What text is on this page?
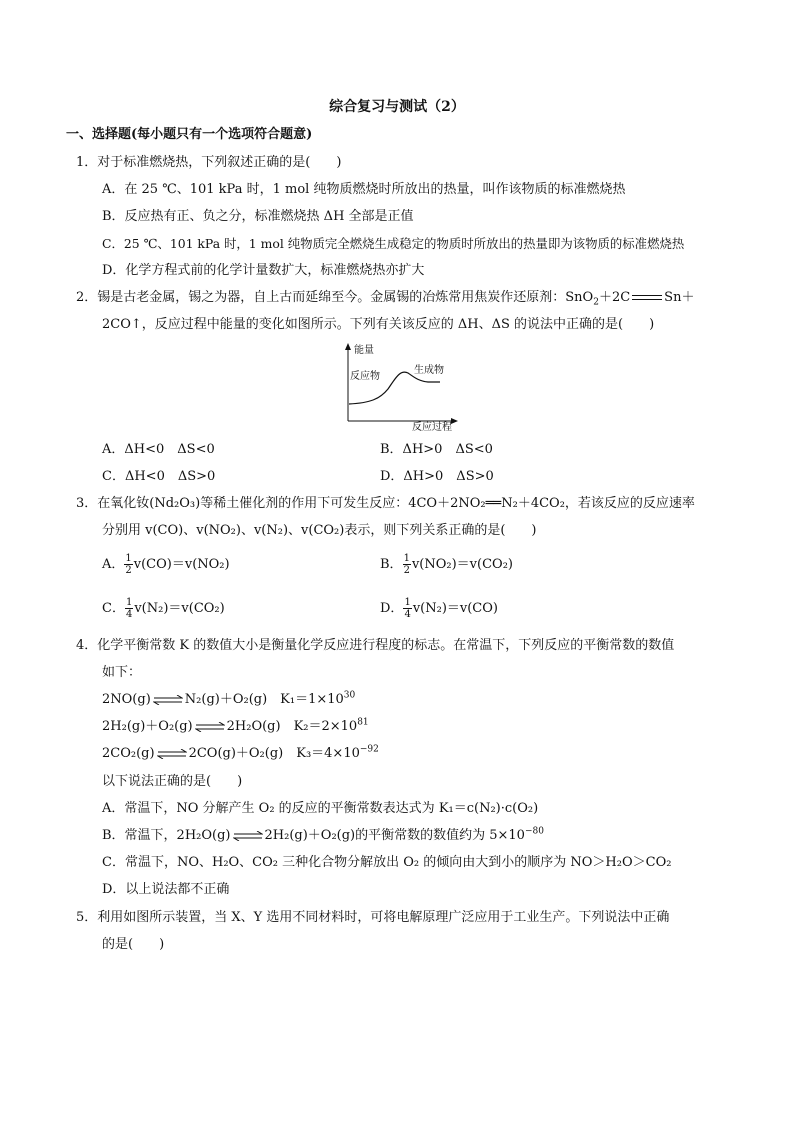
综合复习与测试（2）
一、选择题(每小题只有一个选项符合题意)
1．对于标准燃烧热，下列叙述正确的是(　　)
A．在 25 ℃、101 kPa 时，1 mol 纯物质燃烧时所放出的热量，叫作该物质的标准燃烧热
B．反应热有正、负之分，标准燃烧热 ΔH 全部是正值
C．25 ℃、101 kPa 时，1 mol 纯物质完全燃烧生成稳定的物质时所放出的热量即为该物质的标准燃烧热
D．化学方程式前的化学计量数扩大，标准燃烧热亦扩大
2．锡是古老金属，锡之为器，自上古而延绵至今。金属锡的冶炼常用焦炭作还原剂：SnO$_2$＋2C	Sn＋
2CO↑，反应过程中能量的变化如图所示。下列有关该反应的 ΔH、ΔS 的说法中正确的是(　　)
能量
反应过程
反应物
生成物
A．ΔH<0　ΔS<0	B．ΔH>0　ΔS<0
C．ΔH<0　ΔS>0	D．ΔH>0　ΔS>0
3．在氧化钕(Nd₂O₃)等稀土催化剂的作用下可发生反应：4CO＋2NO₂══N₂＋4CO₂，若该反应的反应速率
分别用 v(CO)、v(NO₂)、v(N₂)、v(CO₂)表示，则下列关系正确的是(　　)
A． $\frac{1}{2} v(CO)=v(NO_2)$	B． $\frac{1}{2} v(NO_2)=v(CO_2)$
C． $\frac{1}{4} v(N_2)=v(CO_2)$	D． $\frac{1}{4} v(N_2)=v(CO)$
4．化学平衡常数 K 的数值大小是衡量化学反应进行程度的标志。在常温下，下列反应的平衡常数的数值
如下：
2NO(g) ⇌ N₂(g)＋O₂(g)　$K_1=1\times 10^{30}$
2H₂(g)＋O₂(g) ⇌ 2H₂O(g)　$K_2=2\times 10^{81}$
2CO₂(g) ⇌ 2CO(g)＋O₂(g)　$K_3=4\times 10^{-92}$
以下说法正确的是(　　)
A．常温下，NO 分解产生 O₂ 的反应的平衡常数表达式为 K₁＝c(N₂)·c(O₂)
B．常温下，2H₂O(g) ⇌ 2H₂(g)＋O₂(g)的平衡常数的数值约为 $5\times 10^{-80}$
C．常温下，NO、H₂O、CO₂ 三种化合物分解放出 O₂ 的倾向由大到小的顺序为 NO＞H₂O＞CO₂
D．以上说法都不正确
5．利用如图所示装置，当 X、Y 选用不同材料时，可将电解原理广泛应用于工业生产。下列说法中正确
的是(　　)
